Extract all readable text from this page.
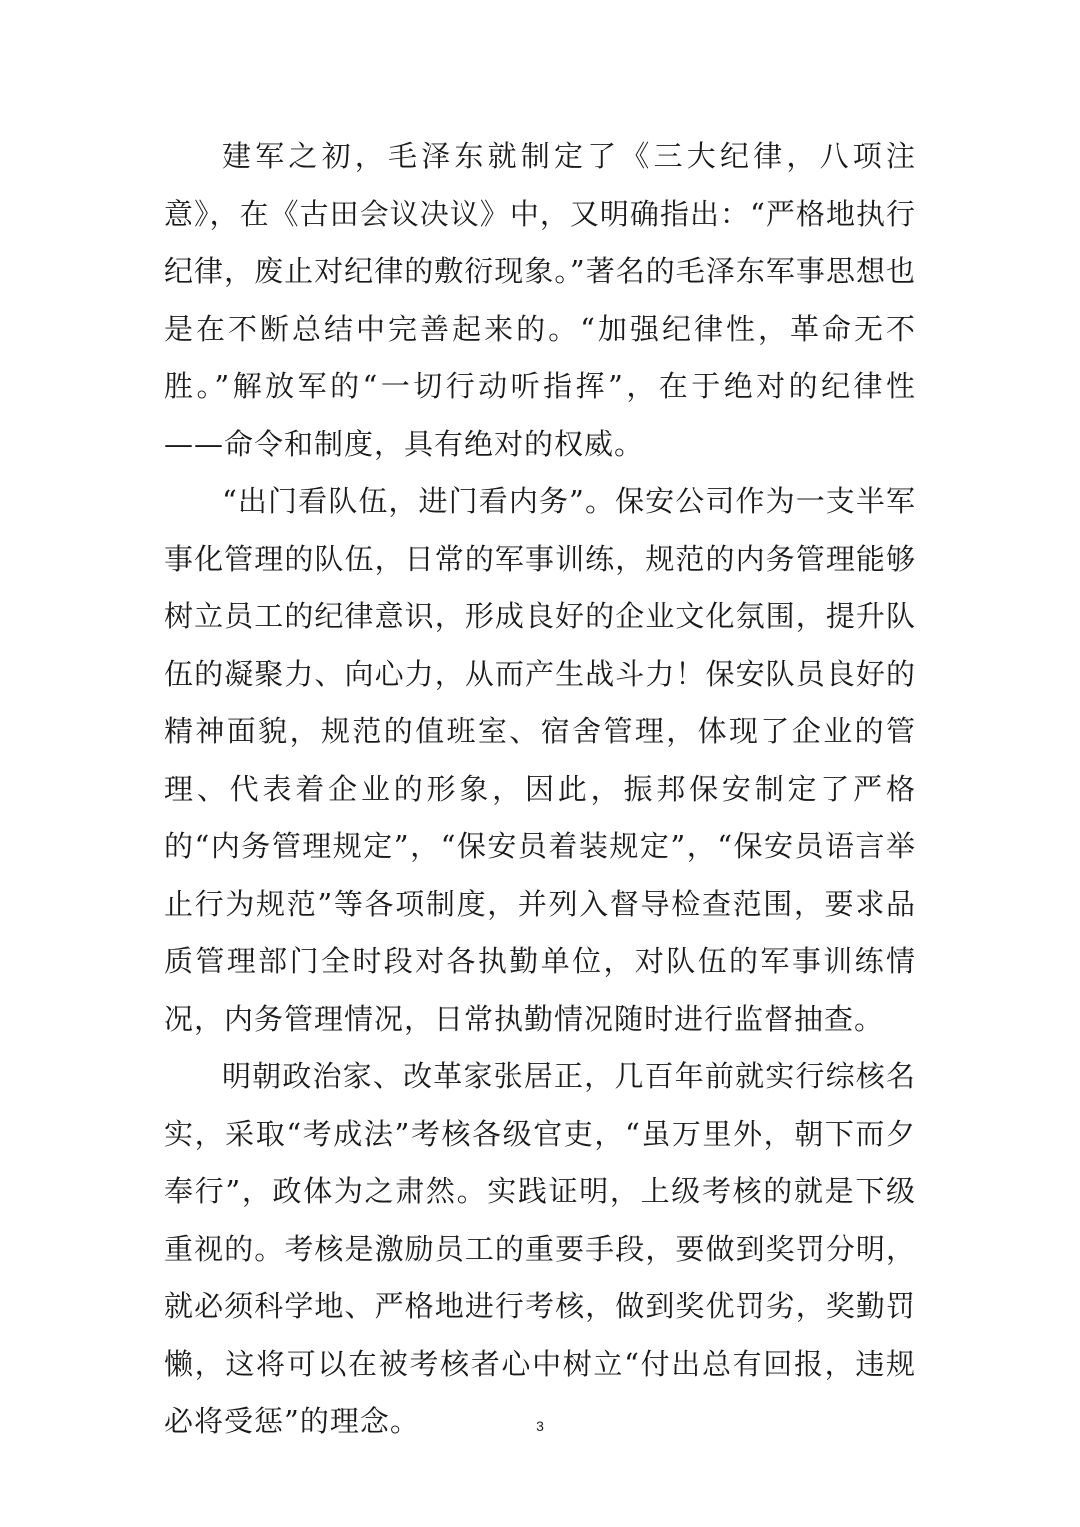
建军之初，毛泽东就制定了《三大纪律，八项注意》，在《古田会议决议》中，又明确指出：“严格地执行纪律，废止对纪律的敷衍现象。”著名的毛泽东军事思想也是在不断总结中完善起来的。“加强纪律性，革命无不胜。”解放军的“一切行动听指挥”，在于绝对的纪律性——命令和制度，具有绝对的权威。

“出门看队伍，进门看内务”。保安公司作为一支半军事化管理的队伍，日常的军事训练，规范的内务管理能够树立员工的纪律意识，形成良好的企业文化氛围，提升队伍的凝聚力、向心力，从而产生战斗力！保安队员良好的精神面貌，规范的值班室、宿舍管理，体现了企业的管理、代表着企业的形象，因此，振邦保安制定了严格的“内务管理规定”，“保安员着装规定”，“保安员语言举止行为规范”等各项制度，并列入督导检查范围，要求品质管理部门全时段对各执勤单位，对队伍的军事训练情况，内务管理情况，日常执勤情况随时进行监督抽查。

明朝政治家、改革家张居正，几百年前就实行综核名实，采取“考成法”考核各级官吏，“虽万里外，朝下而夕奉行”，政体为之肃然。实践证明，上级考核的就是下级重视的。考核是激励员工的重要手段，要做到奖罚分明，就必须科学地、严格地进行考核，做到奖优罚劣，奖勤罚懒，这将可以在被考核者心中树立“付出总有回报，违规必将受惩”的理念。	3
